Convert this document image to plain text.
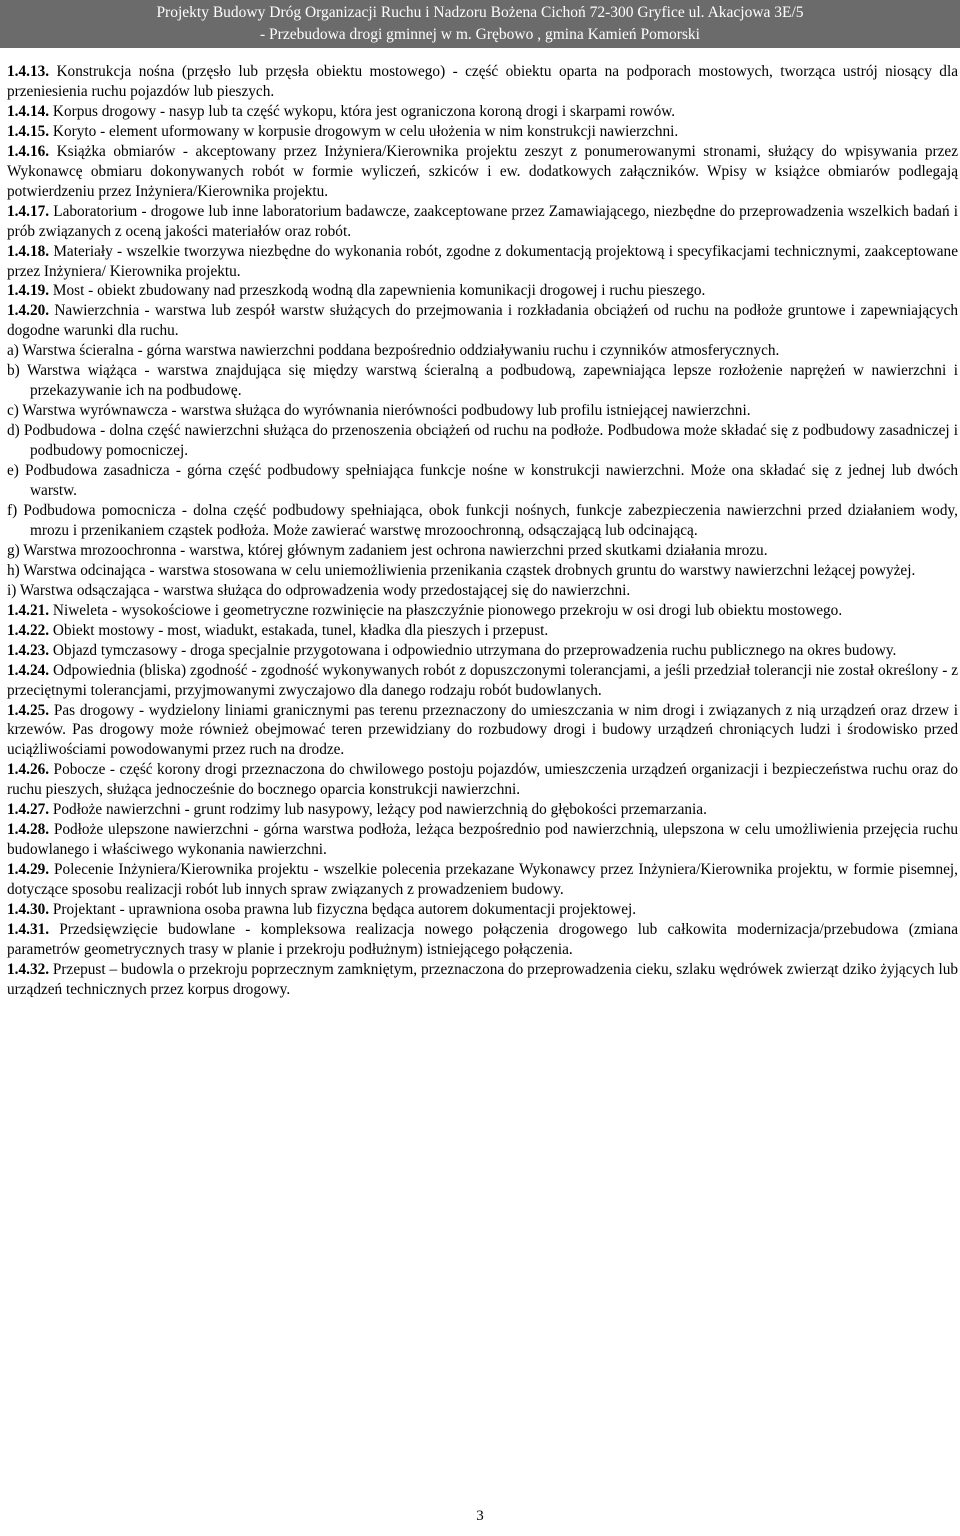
Projekty Budowy Dróg Organizacji Ruchu i Nadzoru Bożena Cichoń 72-300 Gryfice ul. Akacjowa 3E/5
- Przebudowa drogi gminnej w m. Grębowo , gmina Kamień Pomorski

1.4.13. Konstrukcja nośna (przęsło lub przęsła obiektu mostowego) - część obiektu oparta na podporach mostowych, tworząca ustrój niosący dla przeniesienia ruchu pojazdów lub pieszych.

1.4.14. Korpus drogowy - nasyp lub ta część wykopu, która jest ograniczona koroną drogi i skarpami rowów.

1.4.15. Koryto - element uformowany w korpusie drogowym w celu ułożenia w nim konstrukcji nawierzchni.

1.4.16. Książka obmiarów - akceptowany przez Inżyniera/Kierownika projektu zeszyt z ponumerowanymi stronami, służący do wpisywania przez Wykonawcę obmiaru dokonywanych robót w formie wyliczeń, szkiców i ew. dodatkowych załączników. Wpisy w książce obmiarów podlegają potwierdzeniu przez Inżyniera/Kierownika projektu.

1.4.17. Laboratorium - drogowe lub inne laboratorium badawcze, zaakceptowane przez Zamawiającego, niezbędne do przeprowadzenia wszelkich badań i prób związanych z oceną jakości materiałów oraz robót.

1.4.18. Materiały - wszelkie tworzywa niezbędne do wykonania robót, zgodne z dokumentacją projektową i specyfikacjami technicznymi, zaakceptowane przez Inżyniera/ Kierownika projektu.

1.4.19. Most - obiekt zbudowany nad przeszkodą wodną dla zapewnienia komunikacji drogowej i ruchu pieszego.

1.4.20. Nawierzchnia - warstwa lub zespół warstw służących do przejmowania i rozkładania obciążeń od ruchu na podłoże gruntowe i zapewniających dogodne warunki dla ruchu.

a) Warstwa ścieralna - górna warstwa nawierzchni poddana bezpośrednio oddziaływaniu ruchu i czynników atmosferycznych.

b) Warstwa wiążąca - warstwa znajdująca się między warstwą ścieralną a podbudową, zapewniająca lepsze rozłożenie naprężeń w nawierzchni i przekazywanie ich na podbudowę.

c) Warstwa wyrównawcza - warstwa służąca do wyrównania nierówności podbudowy lub profilu istniejącej nawierzchni.

d) Podbudowa - dolna część nawierzchni służąca do przenoszenia obciążeń od ruchu na podłoże. Podbudowa może składać się z podbudowy zasadniczej i podbudowy pomocniczej.

e) Podbudowa zasadnicza - górna część podbudowy spełniająca funkcje nośne w konstrukcji nawierzchni. Może ona składać się z jednej lub dwóch warstw.

f) Podbudowa pomocnicza - dolna część podbudowy spełniająca, obok funkcji nośnych, funkcje zabezpieczenia nawierzchni przed działaniem wody, mrozu i przenikaniem cząstek podłoża. Może zawierać warstwę mrozoochronną, odsączającą lub odcinającą.

g) Warstwa mrozoochronna - warstwa, której głównym zadaniem jest ochrona nawierzchni przed skutkami działania mrozu.

h) Warstwa odcinająca - warstwa stosowana w celu uniemożliwienia przenikania cząstek drobnych gruntu do warstwy nawierzchni leżącej powyżej.

i) Warstwa odsączająca - warstwa służąca do odprowadzenia wody przedostającej się do nawierzchni.

1.4.21. Niweleta - wysokościowe i geometryczne rozwinięcie na płaszczyźnie pionowego przekroju w osi drogi lub obiektu mostowego.

1.4.22. Obiekt mostowy - most, wiadukt, estakada, tunel, kładka dla pieszych i przepust.

1.4.23. Objazd tymczasowy - droga specjalnie przygotowana i odpowiednio utrzymana do przeprowadzenia ruchu publicznego na okres budowy.

1.4.24. Odpowiednia (bliska) zgodność - zgodność wykonywanych robót z dopuszczonymi tolerancjami, a jeśli przedział tolerancji nie został określony - z przeciętnymi tolerancjami, przyjmowanymi zwyczajowo dla danego rodzaju robót budowlanych.

1.4.25. Pas drogowy - wydzielony liniami granicznymi pas terenu przeznaczony do umieszczania w nim drogi i związanych z nią urządzeń oraz drzew i krzewów. Pas drogowy może również obejmować teren przewidziany do rozbudowy drogi i budowy urządzeń chroniących ludzi i środowisko przed uciążliwościami powodowanymi przez ruch na drodze.

1.4.26. Pobocze - część korony drogi przeznaczona do chwilowego postoju pojazdów, umieszczenia urządzeń organizacji i bezpieczeństwa ruchu oraz do ruchu pieszych, służąca jednocześnie do bocznego oparcia konstrukcji nawierzchni.

1.4.27. Podłoże nawierzchni - grunt rodzimy lub nasypowy, leżący pod nawierzchnią do głębokości przemarzania.

1.4.28. Podłoże ulepszone nawierzchni - górna warstwa podłoża, leżąca bezpośrednio pod nawierzchnią, ulepszona w celu umożliwienia przejęcia ruchu budowlanego i właściwego wykonania nawierzchni.

1.4.29. Polecenie Inżyniera/Kierownika projektu - wszelkie polecenia przekazane Wykonawcy przez Inżyniera/Kierownika projektu, w formie pisemnej, dotyczące sposobu realizacji robót lub innych spraw związanych z prowadzeniem budowy.

1.4.30. Projektant - uprawniona osoba prawna lub fizyczna będąca autorem dokumentacji projektowej.

1.4.31. Przedsięwzięcie budowlane - kompleksowa realizacja nowego połączenia drogowego lub całkowita modernizacja/przebudowa (zmiana parametrów geometrycznych trasy w planie i przekroju podłużnym) istniejącego połączenia.

1.4.32. Przepust – budowla o przekroju poprzecznym zamkniętym, przeznaczona do przeprowadzenia cieku, szlaku wędrówek zwierząt dziko żyjących lub urządzeń technicznych przez korpus drogowy.

3
